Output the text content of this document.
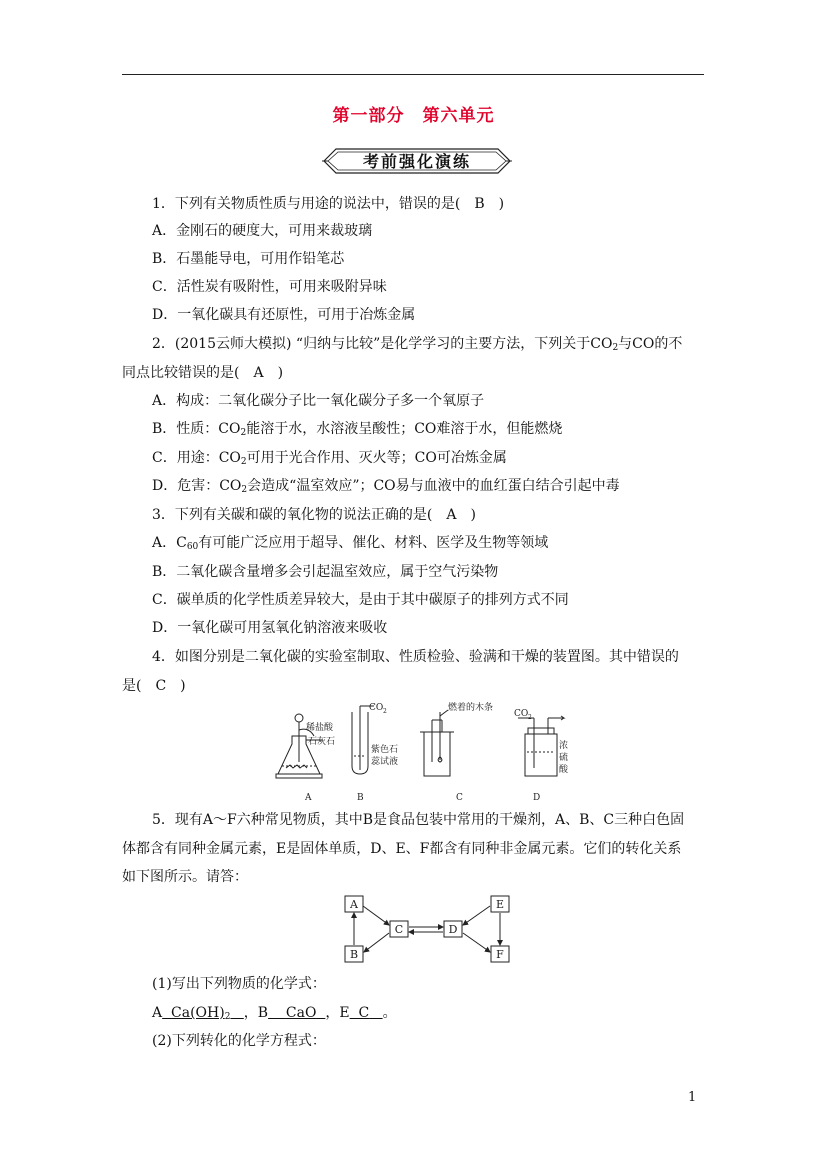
第一部分　第六单元
考前强化演练
1．下列有关物质性质与用途的说法中，错误的是(　B　)
A．金刚石的硬度大，可用来裁玻璃
B．石墨能导电，可用作铅笔芯
C．活性炭有吸附性，可用来吸附异味
D．一氧化碳具有还原性，可用于冶炼金属
2．(2015云师大模拟) “归纳与比较”是化学学习的主要方法，下列关于$CO_2$与CO的不
同点比较错误的是(　A　)
A．构成：二氧化碳分子比一氧化碳分子多一个氧原子
B．性质：$CO_2$能溶于水，水溶液呈酸性；CO难溶于水，但能燃烧
C．用途：$CO_2$可用于光合作用、灭火等；CO可冶炼金属
D．危害：$CO_2$会造成“温室效应”；CO易与血液中的血红蛋白结合引起中毒
3．下列有关碳和碳的氧化物的说法正确的是(　A　)
A．$C_{60}$有可能广泛应用于超导、催化、材料、医学及生物等领域
B．二氧化碳含量增多会引起温室效应，属于空气污染物
C．碳单质的化学性质差异较大，是由于其中碳原子的排列方式不同
D．一氧化碳可用氢氧化钠溶液来吸收
4．如图分别是二氧化碳的实验室制取、性质检验、验满和干燥的装置图。其中错误的
是(　C　)
稀盐酸
石灰石
CO 2
紫色石
蕊试液
燃着的木条
CO 2
浓
硫
酸
A	B	C	D
5．现有A～F六种常见物质，其中B是食品包装中常用的干燥剂，A、B、C三种白色固
体都含有同种金属元素，E是固体单质，D、E、F都含有同种非金属元素。它们的转化关系
如下图所示。请答：
A
B
C	D
E
F
(1)写出下列物质的化学式：
A $Ca(OH)_2$ ，B CaO ，E C 。
(2)下列转化的化学方程式：
1
